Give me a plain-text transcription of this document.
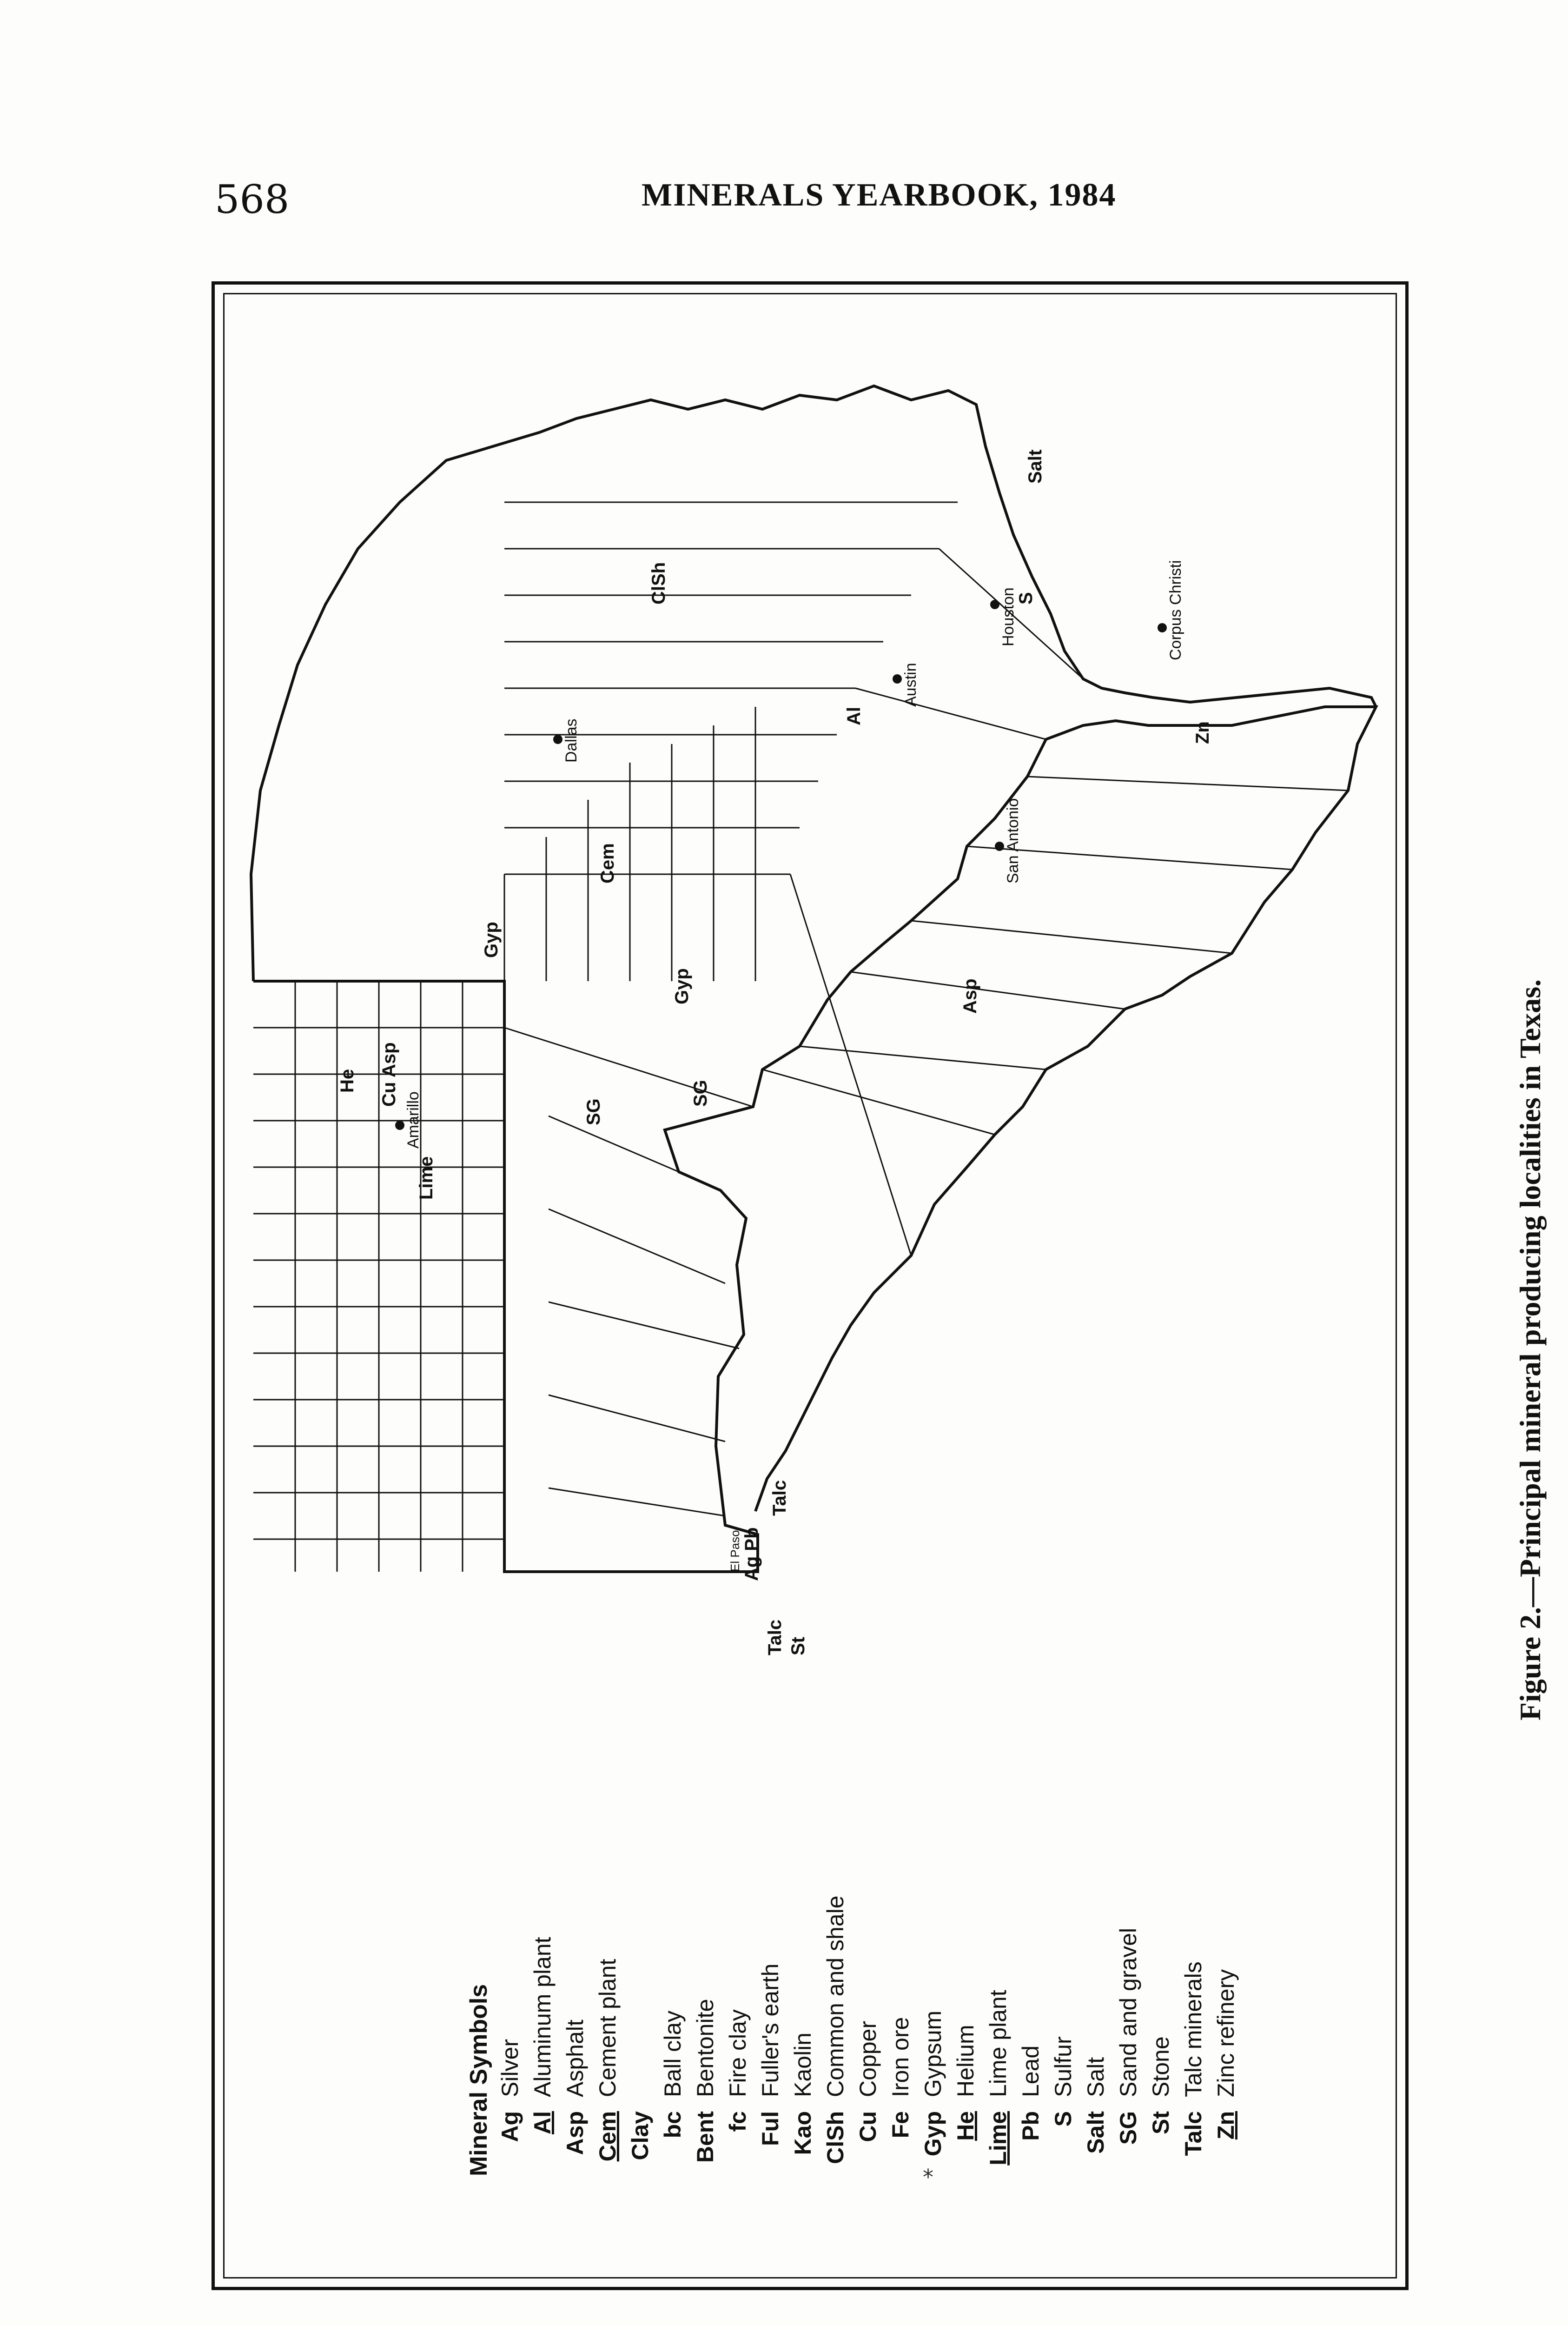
568	MINERALS YEARBOOK, 1984
He Cu Asp
Lime
SG
SG
Cem
Gyp
Gyp
Salt
Talc
Talc St
S
Zn
Al
Ag Pb
ClSh
Asp
Amarillo
El Paso
Dallas
Austin
San Antonio
Houston	Corpus Christi
Mineral Symbols Ag
Silver
Al
Aluminum plant
Asp
Asphalt
Cem
Cement plant
Clay bc
Ball clay
Bent
Bentonite
fc
Fire clay
Ful
Fuller's earth
Kao
Kaolin
ClSh
Common and shale
Cu
Copper
Fe
Iron ore
Gyp
Gypsum
He
Helium
Lime
Lime plant
Pb
Lead
S
Sulfur
Salt
Salt
SG
Sand and gravel
St
Stone
Talc
Talc minerals
Zn
Zinc refinery
*
Figure 2.—Principal mineral producing localities in Texas.
